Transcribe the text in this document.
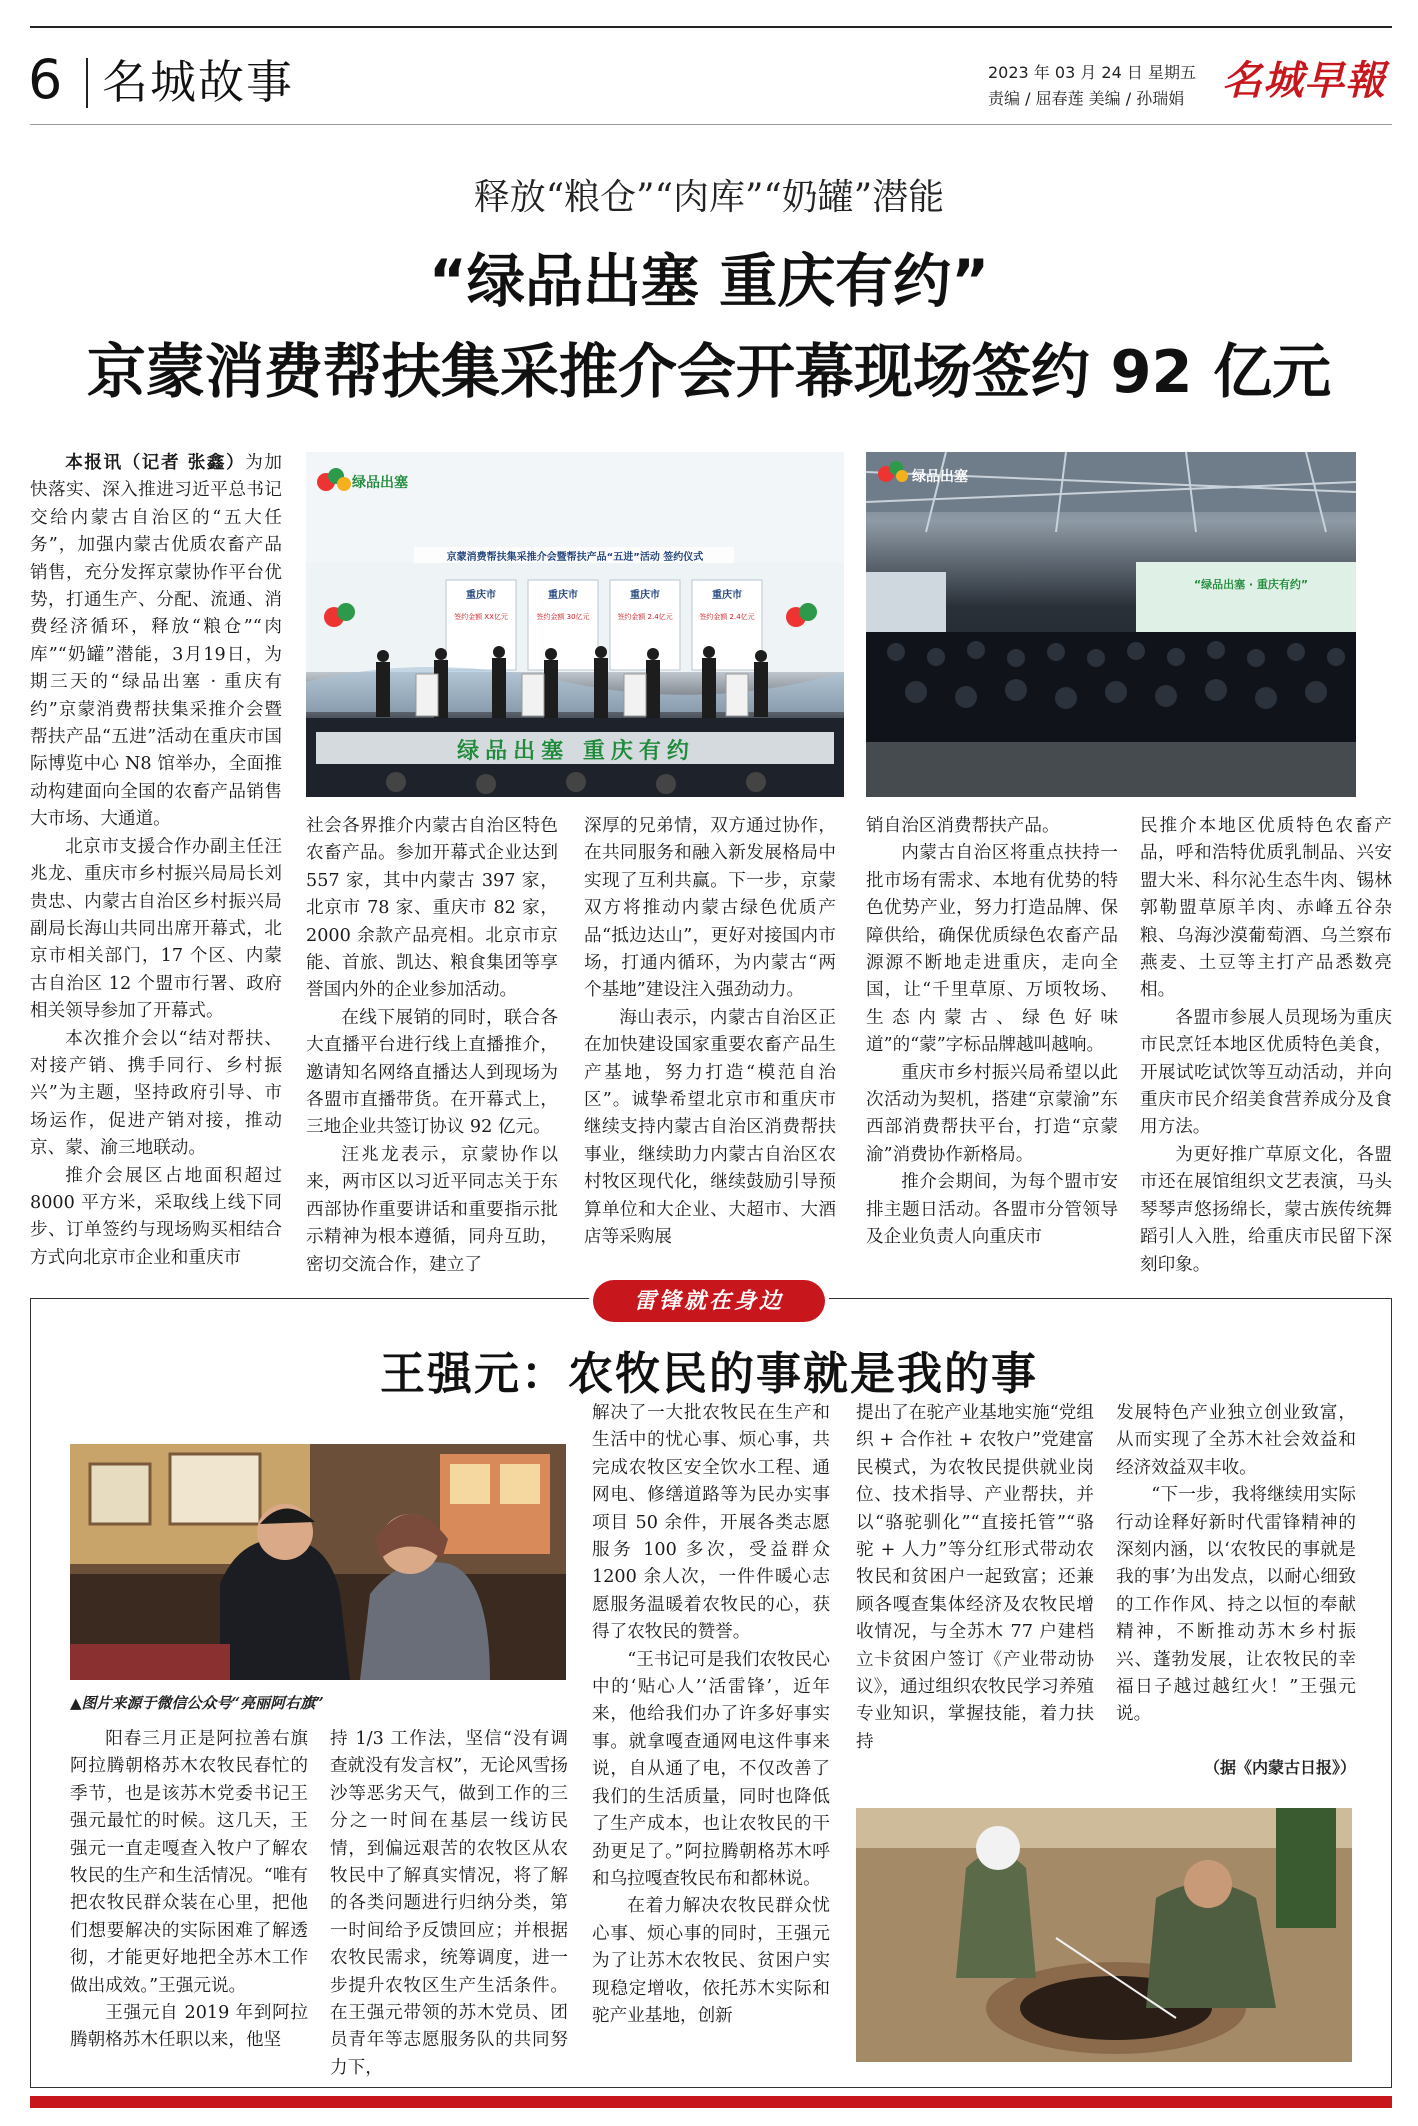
6 名城故事	2023 年 03 月 24 日 星期五
责编 / 屈春莲 美编 / 孙瑞娟 名城早報
释放“粮仓”“肉库”“奶罐”潜能
“绿品出塞 重庆有约”
京蒙消费帮扶集采推介会开幕现场签约 92 亿元
绿品出塞
京蒙消费帮扶集采推介会暨帮扶产品“五进”活动 签约仪式
重庆市	重庆市	重庆市	重庆市
签约金额 XX亿元	签约金额 30亿元	签约金额 2.4亿元	签约金额 2.4亿元
绿品出塞 重庆有约
绿品出塞
“绿品出塞 · 重庆有约”

本报讯（记者 张鑫）为加快落实、深入推进习近平总书记交给内蒙古自治区的“五大任务”，加强内蒙古优质农畜产品销售，充分发挥京蒙协作平台优势，打通生产、分配、流通、消费经济循环，释放“粮仓”“肉库”“奶罐”潜能，3月19日，为期三天的“绿品出塞 · 重庆有约”京蒙消费帮扶集采推介会暨帮扶产品“五进”活动在重庆市国际博览中心 N8 馆举办，全面推动构建面向全国的农畜产品销售大市场、大通道。

北京市支援合作办副主任汪兆龙、重庆市乡村振兴局局长刘贵忠、内蒙古自治区乡村振兴局副局长海山共同出席开幕式，北京市相关部门，17 个区、内蒙古自治区 12 个盟市行署、政府相关领导参加了开幕式。

本次推介会以“结对帮扶、对接产销、携手同行、乡村振兴”为主题，坚持政府引导、市场运作，促进产销对接，推动京、蒙、渝三地联动。

推介会展区占地面积超过 8000 平方米，采取线上线下同步、订单签约与现场购买相结合方式向北京市企业和重庆市

社会各界推介内蒙古自治区特色农畜产品。参加开幕式企业达到 557 家，其中内蒙古 397 家，北京市 78 家、重庆市 82 家，2000 余款产品亮相。北京市京能、首旅、凯达、粮食集团等享誉国内外的企业参加活动。

在线下展销的同时，联合各大直播平台进行线上直播推介，邀请知名网络直播达人到现场为各盟市直播带货。在开幕式上，三地企业共签订协议 92 亿元。

汪兆龙表示，京蒙协作以来，两市区以习近平同志关于东西部协作重要讲话和重要指示批示精神为根本遵循，同舟互助，密切交流合作，建立了

深厚的兄弟情，双方通过协作，在共同服务和融入新发展格局中实现了互利共赢。下一步，京蒙双方将推动内蒙古绿色优质产品“抵边达山”，更好对接国内市场，打通内循环，为内蒙古“两个基地”建设注入强劲动力。

海山表示，内蒙古自治区正在加快建设国家重要农畜产品生产基地，努力打造“模范自治区”。诚挚希望北京市和重庆市继续支持内蒙古自治区消费帮扶事业，继续助力内蒙古自治区农村牧区现代化，继续鼓励引导预算单位和大企业、大超市、大酒店等采购展

销自治区消费帮扶产品。

内蒙古自治区将重点扶持一批市场有需求、本地有优势的特色优势产业，努力打造品牌、保障供给，确保优质绿色农畜产品源源不断地走进重庆，走向全国，让“千里草原、万顷牧场、生态内蒙古、绿色好味道”的“蒙”字标品牌越叫越响。

重庆市乡村振兴局希望以此次活动为契机，搭建“京蒙渝”东西部消费帮扶平台，打造“京蒙渝”消费协作新格局。

推介会期间，为每个盟市安排主题日活动。各盟市分管领导及企业负责人向重庆市

民推介本地区优质特色农畜产品，呼和浩特优质乳制品、兴安盟大米、科尔沁生态牛肉、锡林郭勒盟草原羊肉、赤峰五谷杂粮、乌海沙漠葡萄酒、乌兰察布燕麦、土豆等主打产品悉数亮相。

各盟市参展人员现场为重庆市民烹饪本地区优质特色美食，开展试吃试饮等互动活动，并向重庆市民介绍美食营养成分及食用方法。

为更好推广草原文化，各盟市还在展馆组织文艺表演，马头琴琴声悠扬绵长，蒙古族传统舞蹈引人入胜，给重庆市民留下深刻印象。

雷锋就在身边
王强元：农牧民的事就是我的事
▲图片来源于微信公众号“亮丽阿右旗”

阳春三月正是阿拉善右旗阿拉腾朝格苏木农牧民春忙的季节，也是该苏木党委书记王强元最忙的时候。这几天，王强元一直走嘎查入牧户了解农牧民的生产和生活情况。“唯有把农牧民群众装在心里，把他们想要解决的实际困难了解透彻，才能更好地把全苏木工作做出成效。”王强元说。

王强元自 2019 年到阿拉腾朝格苏木任职以来，他坚

持 1/3 工作法，坚信“没有调查就没有发言权”，无论风雪扬沙等恶劣天气，做到工作的三分之一时间在基层一线访民情，到偏远艰苦的农牧区从农牧民中了解真实情况，将了解的各类问题进行归纳分类，第一时间给予反馈回应；并根据农牧民需求，统筹调度，进一步提升农牧区生产生活条件。在王强元带领的苏木党员、团员青年等志愿服务队的共同努力下，

解决了一大批农牧民在生产和生活中的忧心事、烦心事，共完成农牧区安全饮水工程、通网电、修缮道路等为民办实事项目 50 余件，开展各类志愿服务 100 多次，受益群众 1200 余人次，一件件暖心志愿服务温暖着农牧民的心，获得了农牧民的赞誉。

“王书记可是我们农牧民心中的‘贴心人’‘活雷锋’，近年来，他给我们办了许多好事实事。就拿嘎查通网电这件事来说，自从通了电，不仅改善了我们的生活质量，同时也降低了生产成本，也让农牧民的干劲更足了。”阿拉腾朝格苏木呼和乌拉嘎查牧民布和都林说。

在着力解决农牧民群众忧心事、烦心事的同时，王强元为了让苏木农牧民、贫困户实现稳定增收，依托苏木实际和驼产业基地，创新

提出了在驼产业基地实施“党组织 + 合作社 + 农牧户”党建富民模式，为农牧民提供就业岗位、技术指导、产业帮扶，并以“骆驼驯化”“直接托管”“骆驼 + 人力”等分红形式带动农牧民和贫困户一起致富；还兼顾各嘎查集体经济及农牧民增收情况，与全苏木 77 户建档立卡贫困户签订《产业带动协议》，通过组织农牧民学习养殖专业知识，掌握技能，着力扶持

发展特色产业独立创业致富，从而实现了全苏木社会效益和经济效益双丰收。

“下一步，我将继续用实际行动诠释好新时代雷锋精神的深刻内涵，以‘农牧民的事就是我的事’为出发点，以耐心细致的工作作风、持之以恒的奉献精神，不断推动苏木乡村振兴、蓬勃发展，让农牧民的幸福日子越过越红火！”王强元说。

（据《内蒙古日报》）
